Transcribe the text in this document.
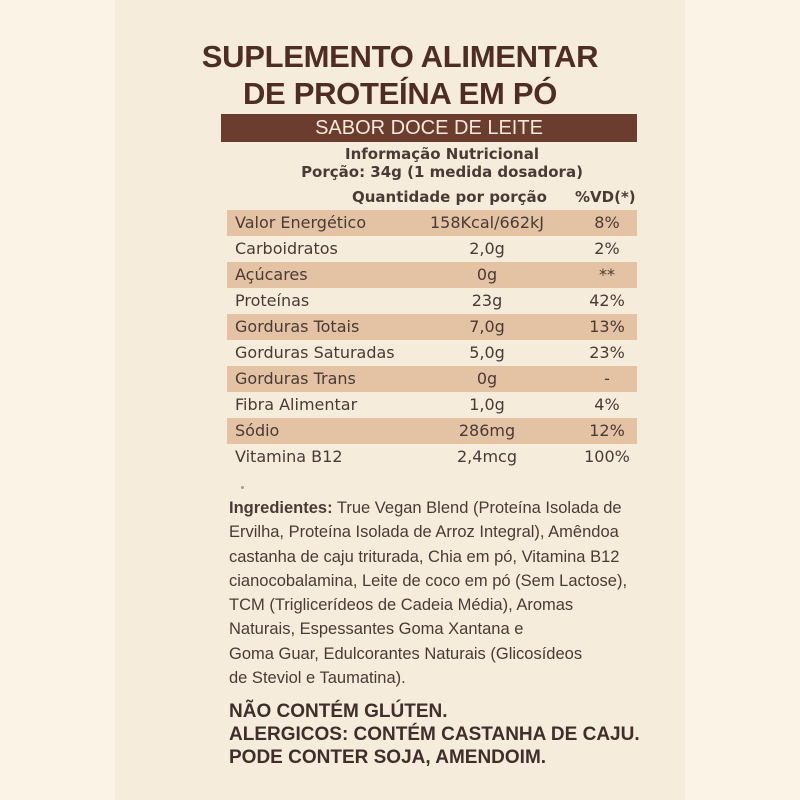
SUPLEMENTO ALIMENTAR
DE PROTEÍNA EM PÓ
SABOR DOCE DE LEITE
Informação Nutricional
Porção: 34g (1 medida dosadora)
Quantidade por porção %VD(*)
Valor Energético	158Kcal/662kJ	8%
Carboidratos	2,0g	2%
Açúcares	0g	**
Proteínas	23g	42%
Gorduras Totais	7,0g	13%
Gorduras Saturadas	5,0g	23%
Gorduras Trans	0g	-
Fibra Alimentar	1,0g	4%
Sódio	286mg	12%
Vitamina B12	2,4mcg	100%
Ingredientes: True Vegan Blend (Proteína Isolada de
Ervilha, Proteína Isolada de Arroz Integral), Amêndoa
castanha de caju triturada, Chia em pó, Vitamina B12
cianocobalamina, Leite de coco em pó (Sem Lactose),
TCM (Triglicerídeos de Cadeia Média), Aromas
Naturais, Espessantes Goma Xantana e
Goma Guar, Edulcorantes Naturais (Glicosídeos
de Steviol e Taumatina).
NÃO CONTÉM GLÚTEN.
ALERGICOS: CONTÉM CASTANHA DE CAJU.
PODE CONTER SOJA, AMENDOIM.
